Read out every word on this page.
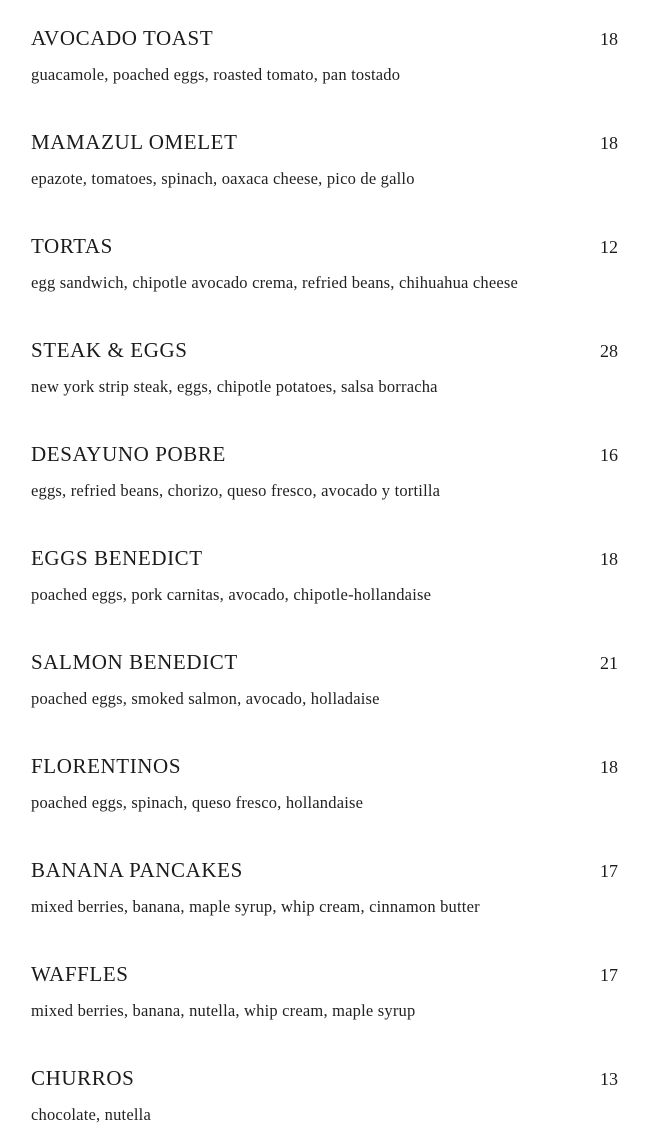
AVOCADO TOAST	18
guacamole, poached eggs, roasted tomato, pan tostado
MAMAZUL OMELET	18
epazote, tomatoes, spinach, oaxaca cheese, pico de gallo
TORTAS	12
egg sandwich, chipotle avocado crema, refried beans, chihuahua cheese
STEAK & EGGS	28
new york strip steak, eggs, chipotle potatoes, salsa borracha
DESAYUNO POBRE	16
eggs, refried beans, chorizo, queso fresco, avocado y tortilla
EGGS BENEDICT	18
poached eggs, pork carnitas, avocado, chipotle-hollandaise
SALMON BENEDICT	21
poached eggs, smoked salmon, avocado, holladaise
FLORENTINOS	18
poached eggs, spinach, queso fresco, hollandaise
BANANA PANCAKES	17
mixed berries, banana, maple syrup, whip cream, cinnamon butter
WAFFLES	17
mixed berries, banana, nutella, whip cream, maple syrup
CHURROS	13
chocolate, nutella
